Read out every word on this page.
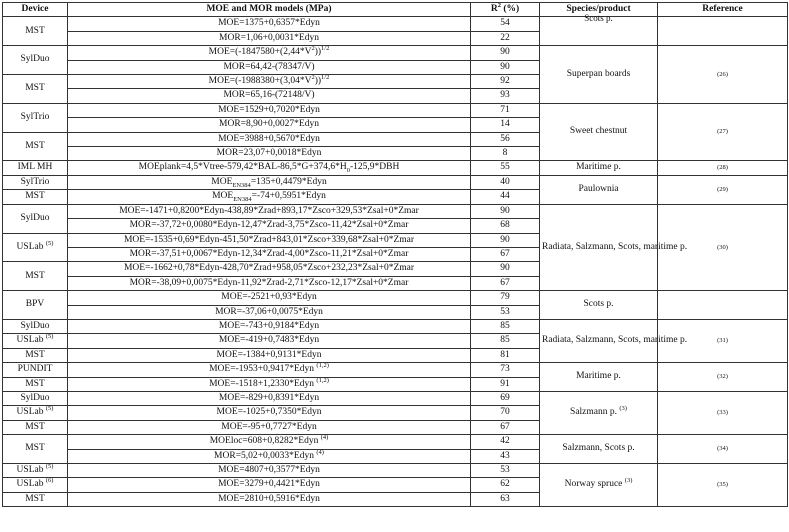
Device	MOE and MOR models (MPa)	$R^2$ (%)	Species/product	Reference
MST	MOE=1375+0,6357*Edyn	54	Scots p.	
	MOR=1,06+0,0031*Edyn	22		
SylDuo	$MOE=(-1847580+(2,44*V^2))^{1/2}$	90	Superpan boards	(26)
	MOR=64,42-(78347/V)	90		
MST	$MOE=(-1988380+(3,04*V^2))^{1/2}$	92		
	MOR=65,16-(72148/V)	93		
SylTrio	MOE=1529+0,7020*Edyn	71	Sweet chestnut	(27)
	MOR=8,90+0,0027*Edyn	14		
MST	MOE=3988+0,5670*Edyn	56		
	MOR=23,07+0,0018*Edyn	8		
IML MH	$MOEplank=4,5*Vtree-579,42*BAL-86,5*G+374,6*H_0-125,9*DBH$	55	Maritime p.	(28)
SylTrio	$MOE_{EN384}=135+0,4479*Edyn$	40	Paulownia	(29)
MST	$MOE_{EN384}=-74+0,5951*Edyn$	44		
SylDuo	MOE=-1471+0,8200*Edyn-438,89*Zrad+893,17*Zsco+329,53*Zsal+0*Zmar	90	Radiata, Salzmann, Scots, maritime p.	(30)
	MOR=-37,72+0,0080*Edyn-12,47*Zrad-3,75*Zsco-11,42*Zsal+0*Zmar	68		
USLab $^{(5)}$	MOE=-1535+0,69*Edyn-451,50*Zrad+843,01*Zsco+339,68*Zsal+0*Zmar	90		
	MOR=-37,51+0,0067*Edyn-12,34*Zrad-4,00*Zsco-11,21*Zsal+0*Zmar	67		
MST	MOE=-1662+0,78*Edyn-428,70*Zrad+958,05*Zsco+232,23*Zsal+0*Zmar	90		
	MOR=-38,09+0,0075*Edyn-11,92*Zrad-2,71*Zsco-12,17*Zsal+0*Zmar	67		
BPV	MOE=-2521+0,93*Edyn	79	Scots p.	
	MOR=-37,06+0,0075*Edyn	53		
SylDuo	MOE=-743+0,9184*Edyn	85	Radiata, Salzmann, Scots, maritime p.	(31)
USLab $^{(5)}$	MOE=-419+0,7483*Edyn	85		
MST	MOE=-1384+0,9131*Edyn	81		
PUNDIT	MOE=-1953+0,9417*Edyn $^{(1,2)}$	73	Maritime p.	(32)
MST	MOE=-1518+1,2330*Edyn $^{(1,2)}$	91		
SylDuo	MOE=-829+0,8391*Edyn	69	Salzmann p. $^{(3)}$	(33)
USLab $^{(5)}$	MOE=-1025+0,7350*Edyn	70		
MST	MOE=-95+0,7727*Edyn	67		
MST	MOEloc=608+0,8282*Edyn $^{(4)}$	42	Salzmann, Scots p.	(34)
	MOR=5,02+0,0033*Edyn $^{(4)}$	43		
USLab $^{(5)}$	MOE=4807+0,3577*Edyn	53	Norway spruce $^{(3)}$	(35)
USLab $^{(6)}$	MOE=3279+0,4421*Edyn	62		
MST	MOE=2810+0,5916*Edyn	63		
